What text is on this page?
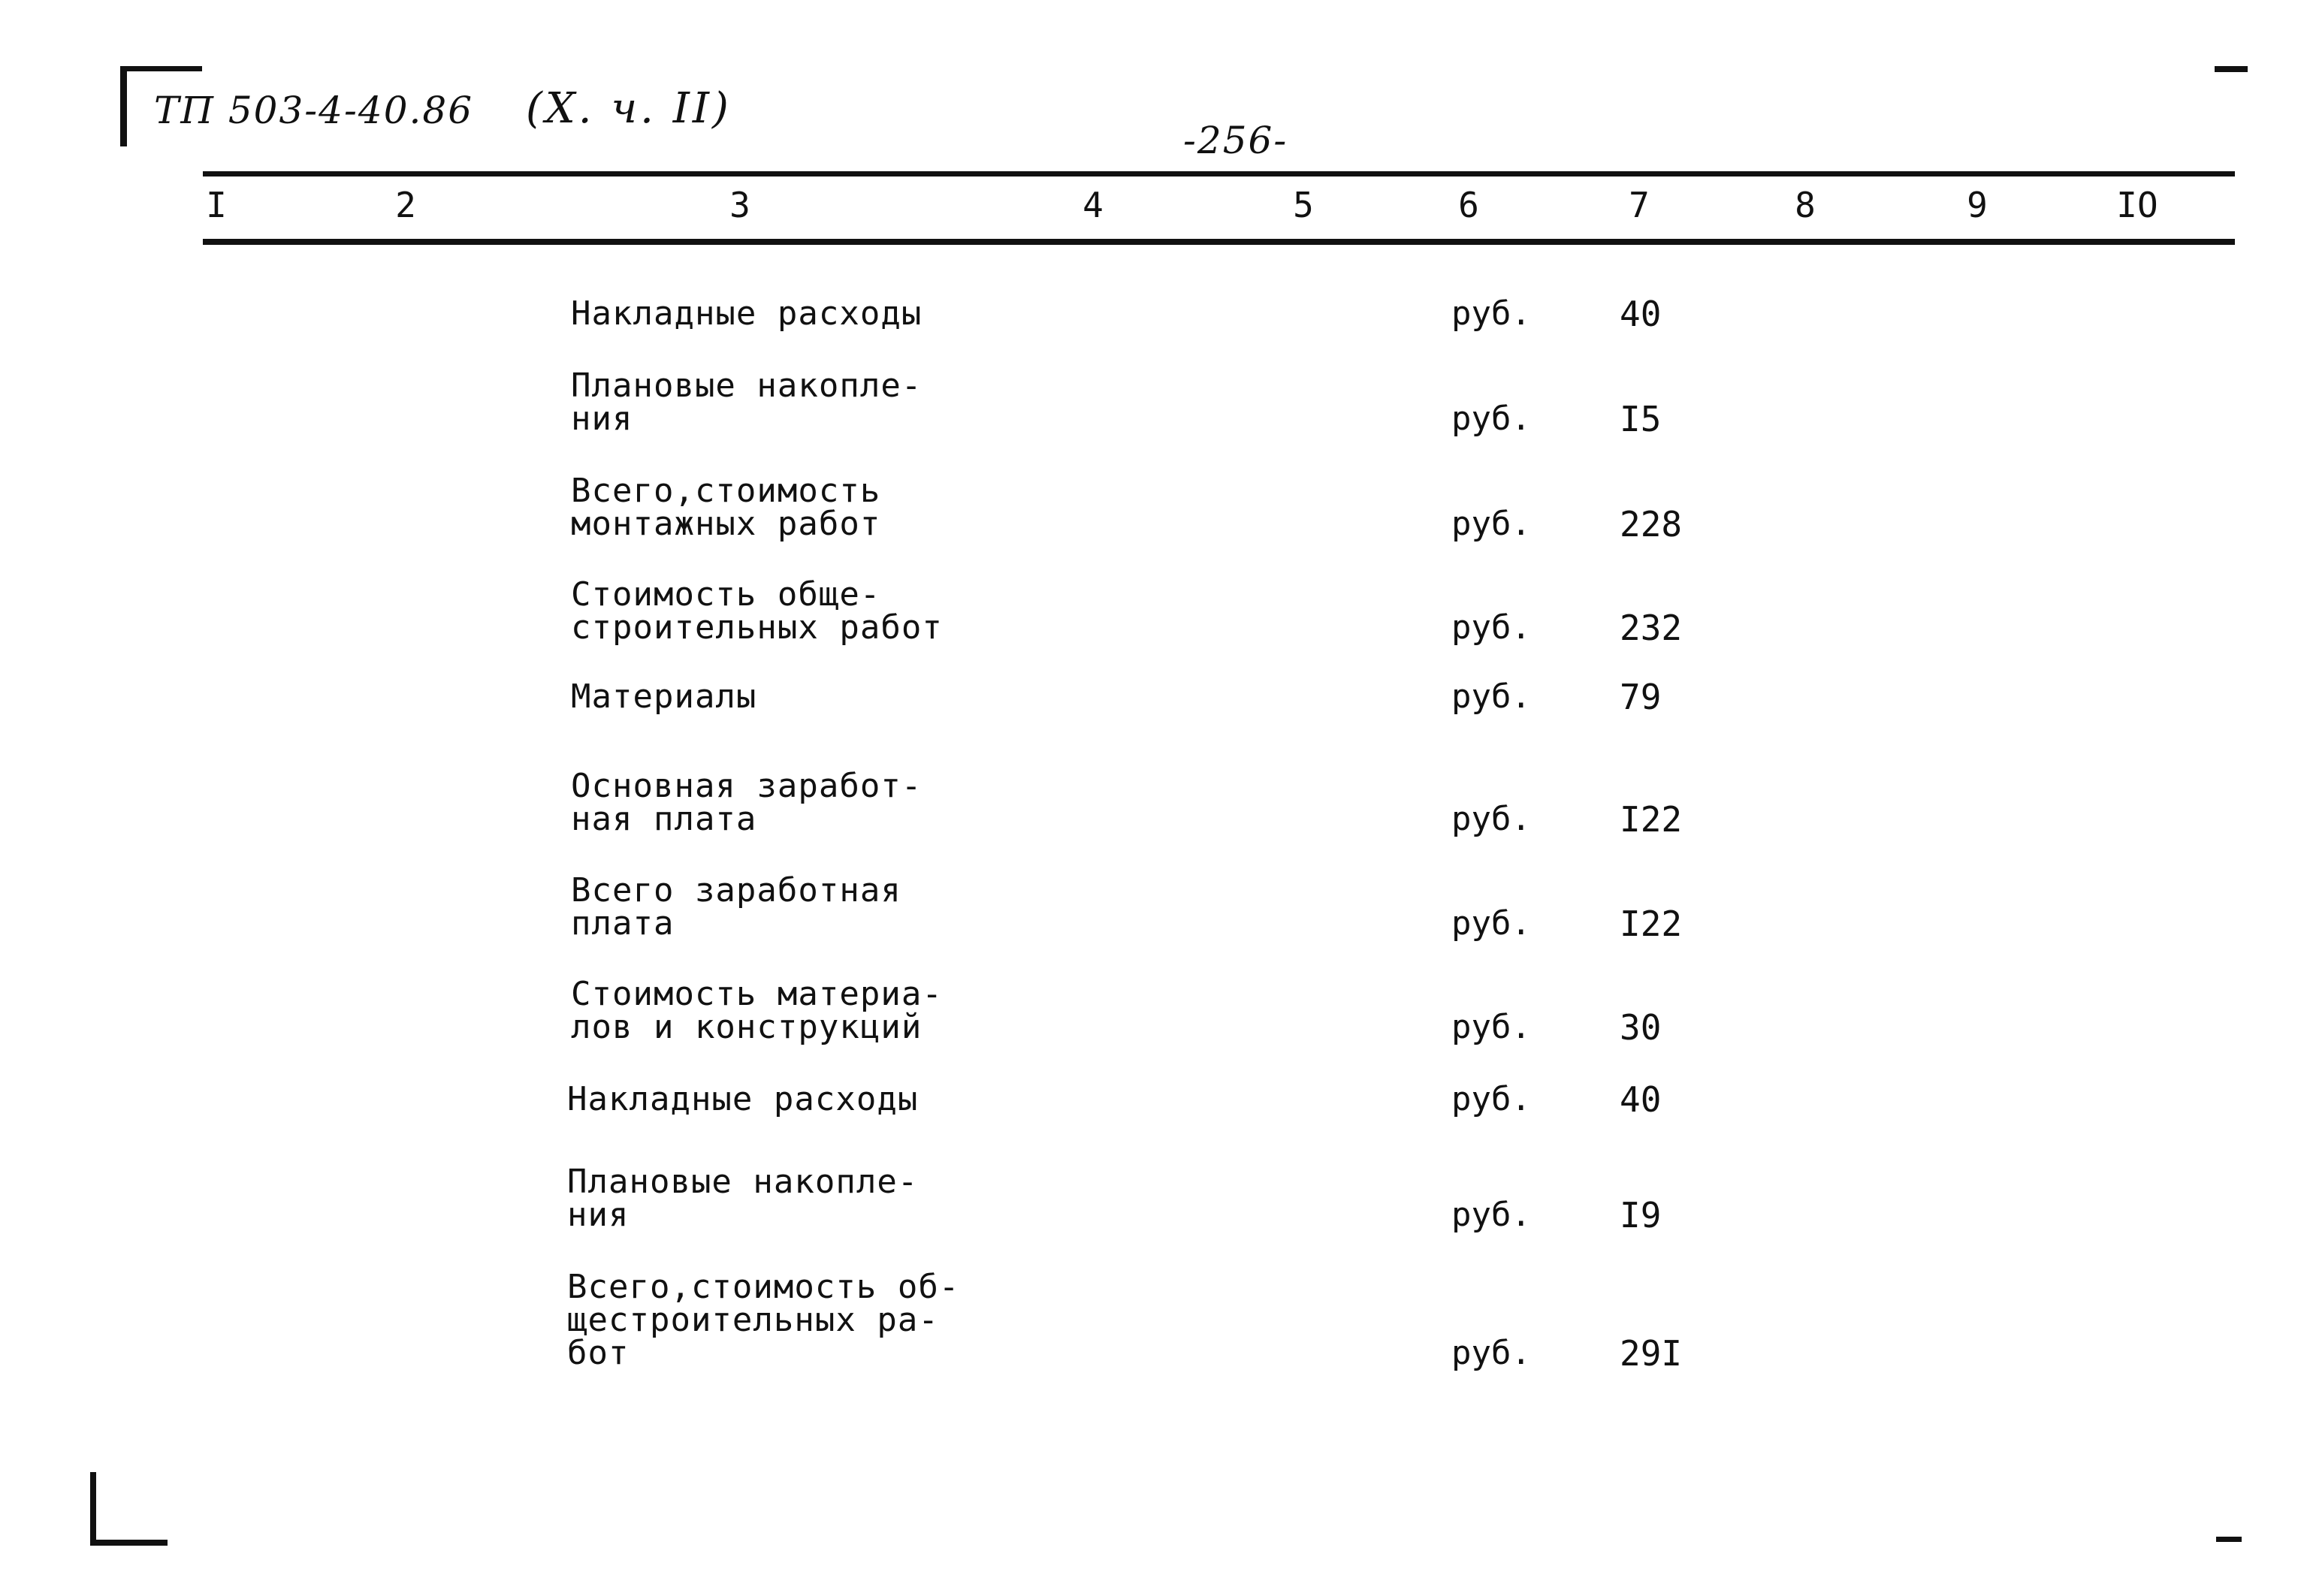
ТП 503-4-40.86 (Х. ч. II)
-256-
I	2	3	4	5	6	7	8	9	IO
Накладные расходы	руб.	40
Плановые накопле-
ния	руб.	I5
Всего,стоимость
монтажных работ	руб.	228
Стоимость обще-
строительных работ	руб.	232
Материалы	руб.	79
Основная заработ-
ная плата	руб.	I22
Всего заработная
плата	руб.	I22
Стоимость материа-
лов и конструкций	руб.	30
Накладные расходы	руб.	40
Плановые накопле-
ния	руб.	I9
Всего,стоимость об-
щестроительных ра-
бот	руб.	29I
